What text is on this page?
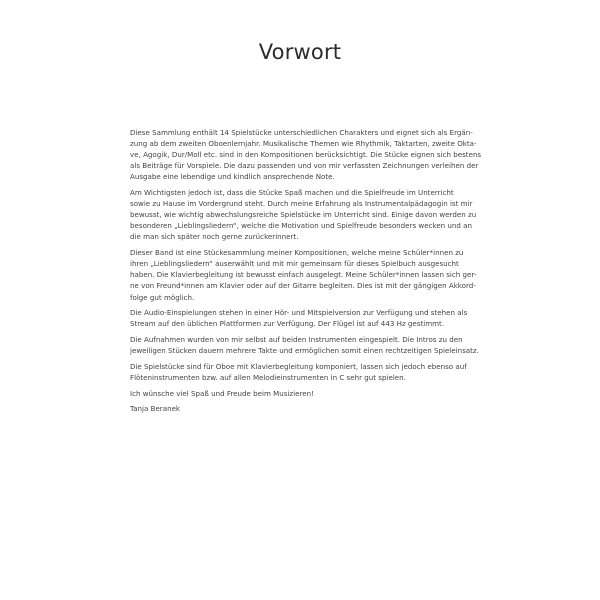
Vorwort

Diese Sammlung enthält 14 Spielstücke unterschiedlichen Charakters und eignet sich als Ergän-
zung ab dem zweiten Oboenlernjahr. Musikalische Themen wie Rhythmik, Taktarten, zweite Okta-
ve, Agogik, Dur/Moll etc. sind in den Kompositionen berücksichtigt. Die Stücke eignen sich bestens
als Beiträge für Vorspiele. Die dazu passenden und von mir verfassten Zeichnungen verleihen der
Ausgabe eine lebendige und kindlich ansprechende Note.

Am Wichtigsten jedoch ist, dass die Stücke Spaß machen und die Spielfreude im Unterricht
sowie zu Hause im Vordergrund steht. Durch meine Erfahrung als Instrumentalpädagogin ist mir
bewusst, wie wichtig abwechslungsreiche Spielstücke im Unterricht sind. Einige davon werden zu
besonderen „Lieblingsliedern“, welche die Motivation und Spielfreude besonders wecken und an
die man sich später noch gerne zurückerinnert.

Dieser Band ist eine Stückesammlung meiner Kompositionen, welche meine Schüler*innen zu
ihren „Lieblingsliedern“ auserwählt und mit mir gemeinsam für dieses Spielbuch ausgesucht
haben. Die Klavierbegleitung ist bewusst einfach ausgelegt. Meine Schüler*innen lassen sich ger-
ne von Freund*innen am Klavier oder auf der Gitarre begleiten. Dies ist mit der gängigen Akkord-
folge gut möglich.

Die Audio-Einspielungen stehen in einer Hör- und Mitspielversion zur Verfügung und stehen als
Stream auf den üblichen Plattformen zur Verfügung. Der Flügel ist auf 443 Hz gestimmt.

Die Aufnahmen wurden von mir selbst auf beiden Instrumenten eingespielt. Die Intros zu den
jeweiligen Stücken dauern mehrere Takte und ermöglichen somit einen rechtzeitigen Spieleinsatz.

Die Spielstücke sind für Oboe mit Klavierbegleitung komponiert, lassen sich jedoch ebenso auf
Flöteninstrumenten bzw. auf allen Melodieinstrumenten in C sehr gut spielen.

Ich wünsche viel Spaß und Freude beim Musizieren!

Tanja Beranek
